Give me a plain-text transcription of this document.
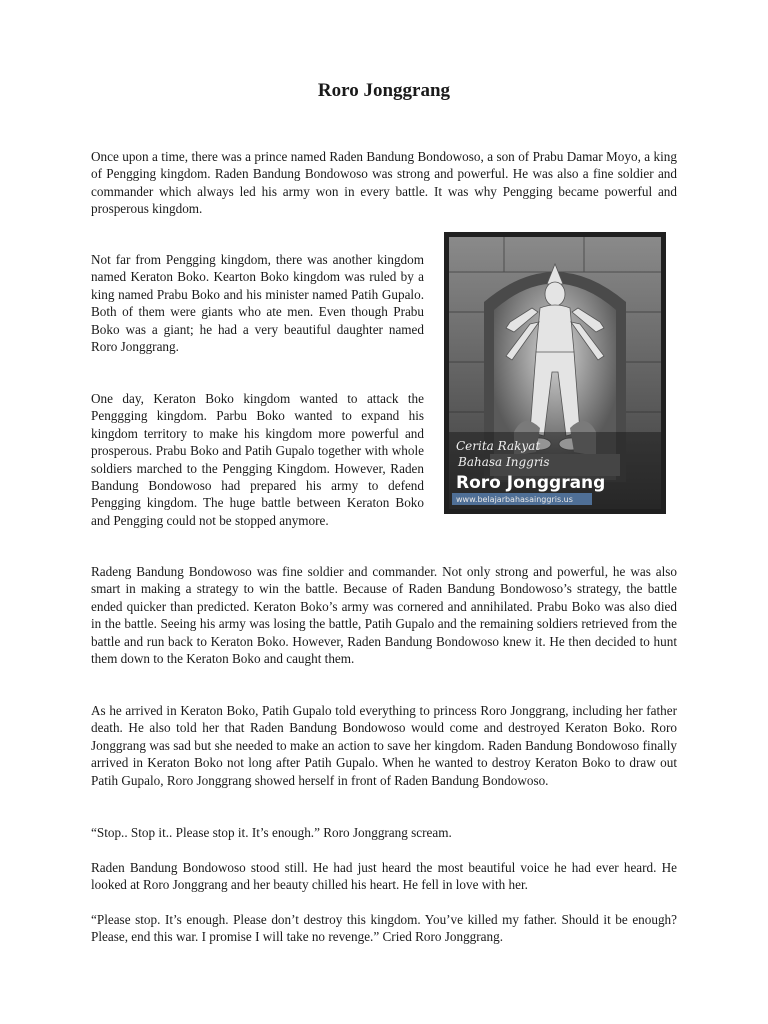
Roro Jonggrang

Once upon a time, there was a prince named Raden Bandung Bondowoso, a son of Prabu Damar Moyo, a king of Pengging kingdom. Raden Bandung Bondowoso was strong and powerful. He was also a fine soldier and commander which always led his army won in every battle. It was why Pengging became powerful and prosperous kingdom.

Not far from Pengging kingdom, there was another kingdom named Keraton Boko. Kearton Boko kingdom was ruled by a king named Prabu Boko and his minister named Patih Gupalo. Both of them were giants who ate men. Even though Prabu Boko was a giant; he had a very beautiful daughter named Roro Jonggrang.

One day, Keraton Boko kingdom wanted to attack the Penggging kingdom. Parbu Boko wanted to expand his kingdom territory to make his kingdom more powerful and prosperous. Prabu Boko and Patih Gupalo together with whole soldiers marched to the Pengging Kingdom. However, Raden Bandung Bondowoso had prepared his army to defend Pengging kingdom. The huge battle between Keraton Boko and Pengging could not be stopped anymore.

Radeng Bandung Bondowoso was fine soldier and commander. Not only strong and powerful, he was also smart in making a strategy to win the battle. Because of Raden Bandung Bondowoso’s strategy, the battle ended quicker than predicted. Keraton Boko’s army was cornered and annihilated. Prabu Boko was also died in the battle. Seeing his army was losing the battle, Patih Gupalo and the remaining soldiers retrieved from the battle and run back to Keraton Boko. However, Raden Bandung Bondowoso knew it. He then decided to hunt them down to the Keraton Boko and caught them.

As he arrived in Keraton Boko, Patih Gupalo told everything to princess Roro Jonggrang, including her father death. He also told her that Raden Bandung Bondowoso would come and destroyed Keraton Boko. Roro Jonggrang was sad but she needed to make an action to save her kingdom. Raden Bandung Bondowoso finally arrived in Keraton Boko not long after Patih Gupalo. When he wanted to destroy Keraton Boko to draw out Patih Gupalo, Roro Jonggrang showed herself in front of Raden Bandung Bondowoso.

“Stop.. Stop it.. Please stop it. It’s enough.” Roro Jonggrang scream.

Raden Bandung Bondowoso stood still. He had just heard the most beautiful voice he had ever heard. He looked at Roro Jonggrang and her beauty chilled his heart. He fell in love with her.

“Please stop. It’s enough. Please don’t destroy this kingdom. You’ve killed my father. Should it be enough? Please, end this war. I promise I will take no revenge.” Cried Roro Jonggrang.

Cerita Rakyat
Bahasa Inggris
Roro Jonggrang
www.belajarbahasainggris.us
